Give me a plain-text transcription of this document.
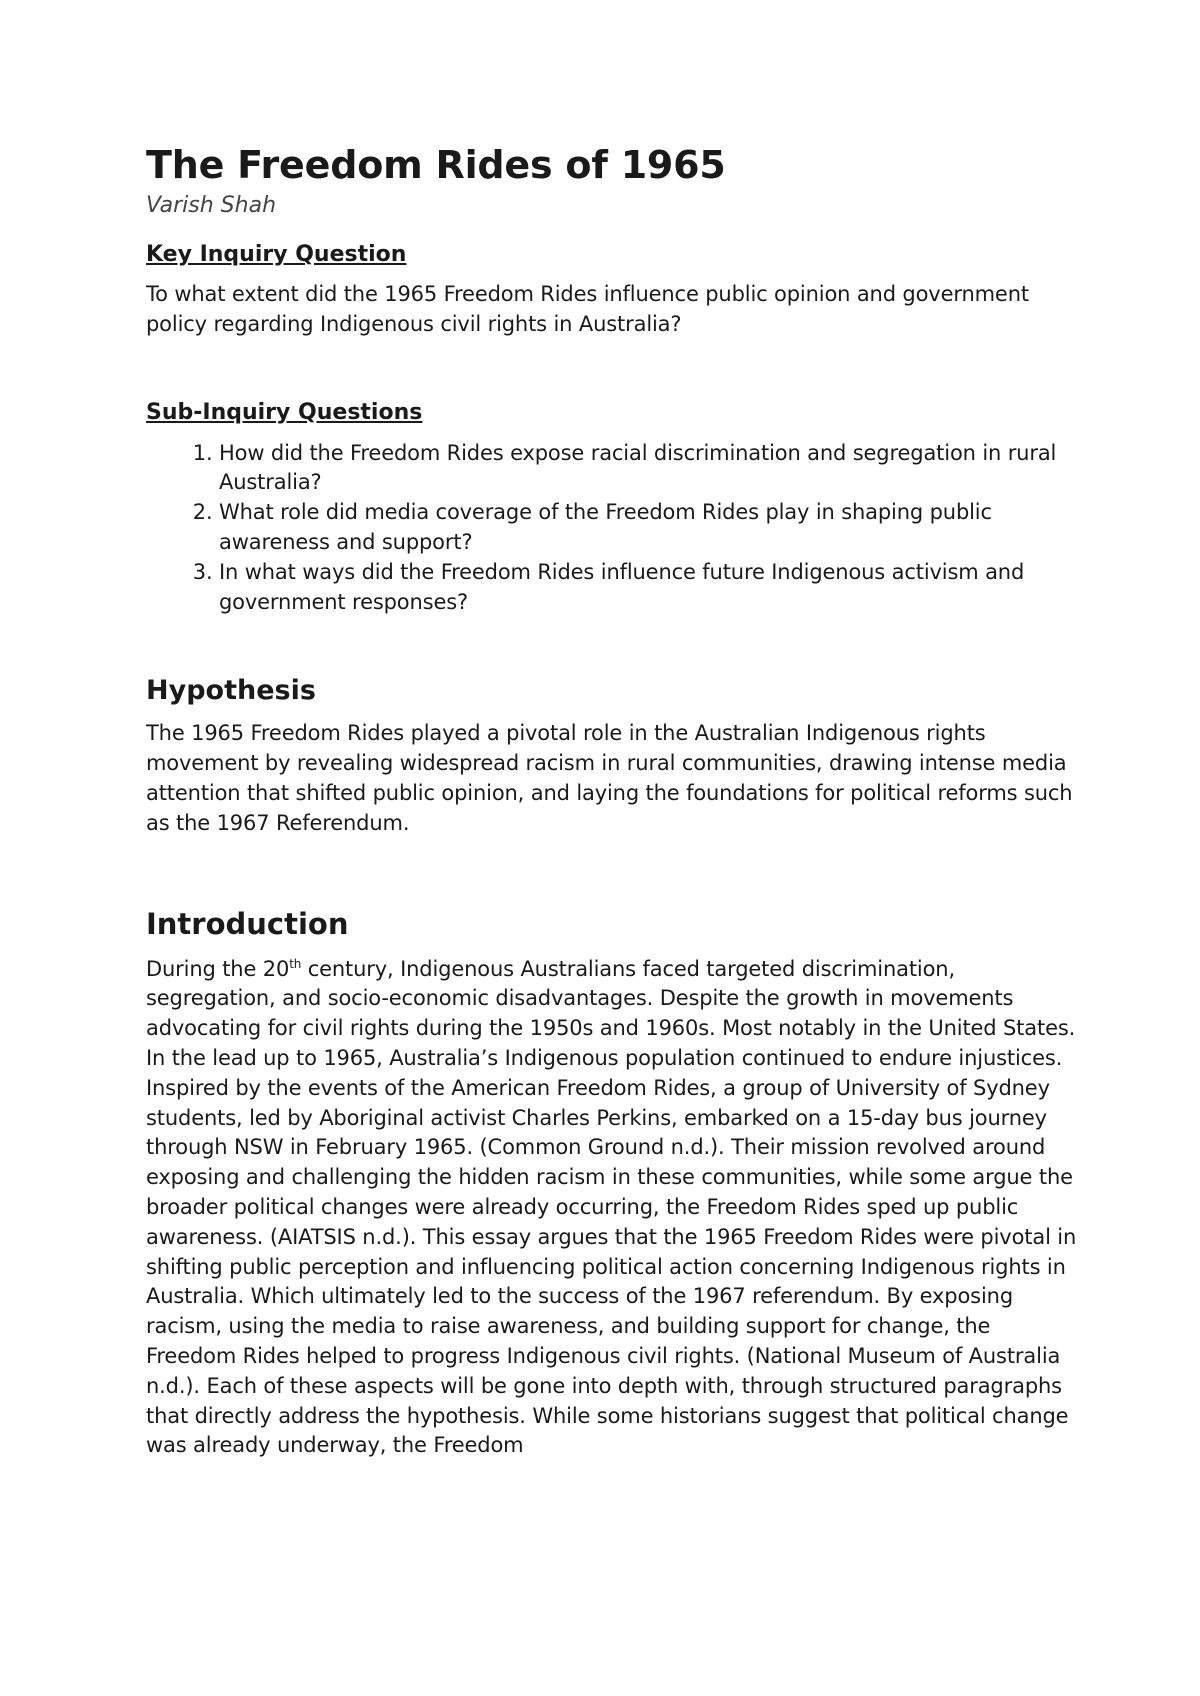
The Freedom Rides of 1965

Varish Shah

Key Inquiry Question

To what extent did the 1965 Freedom Rides influence public opinion and government policy regarding Indigenous civil rights in Australia?

Sub-Inquiry Questions
1. How did the Freedom Rides expose racial discrimination and segregation in rural Australia?
2. What role did media coverage of the Freedom Rides play in shaping public awareness and support?
3. In what ways did the Freedom Rides influence future Indigenous activism and government responses?
Hypothesis

The 1965 Freedom Rides played a pivotal role in the Australian Indigenous rights movement by revealing widespread racism in rural communities, drawing intense media attention that shifted public opinion, and laying the foundations for political reforms such as the 1967 Referendum.

Introduction

During the 20th century, Indigenous Australians faced targeted discrimination, segregation, and socio-economic disadvantages. Despite the growth in movements advocating for civil rights during the 1950s and 1960s. Most notably in the United States. In the lead up to 1965, Australia’s Indigenous population continued to endure injustices. Inspired by the events of the American Freedom Rides, a group of University of Sydney students, led by Aboriginal activist Charles Perkins, embarked on a 15-day bus journey through NSW in February 1965. (Common Ground n.d.). Their mission revolved around exposing and challenging the hidden racism in these communities, while some argue the broader political changes were already occurring, the Freedom Rides sped up public awareness. (AIATSIS n.d.). This essay argues that the 1965 Freedom Rides were pivotal in shifting public perception and influencing political action concerning Indigenous rights in Australia. Which ultimately led to the success of the 1967 referendum. By exposing racism, using the media to raise awareness, and building support for change, the Freedom Rides helped to progress Indigenous civil rights. (National Museum of Australia n.d.). Each of these aspects will be gone into depth with, through structured paragraphs that directly address the hypothesis. While some historians suggest that political change was already underway, the Freedom
